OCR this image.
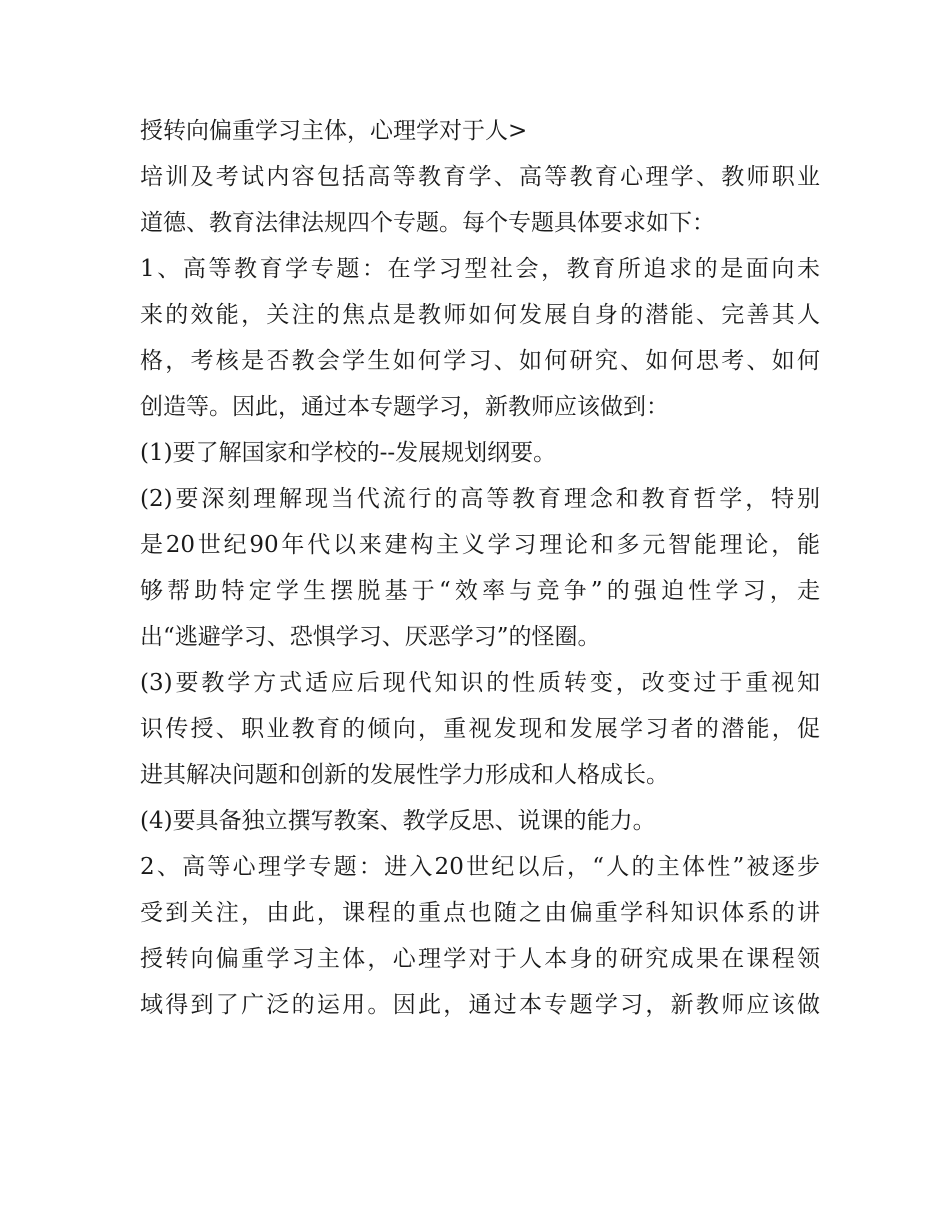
授转向偏重学习主体，心理学对于人>
培训及考试内容包括高等教育学、高等教育心理学、教师职业
道德、教育法律法规四个专题。每个专题具体要求如下：
1、高等教育学专题：在学习型社会，教育所追求的是面向未
来的效能，关注的焦点是教师如何发展自身的潜能、完善其人
格，考核是否教会学生如何学习、如何研究、如何思考、如何
创造等。因此，通过本专题学习，新教师应该做到：
(1)要了解国家和学校的--发展规划纲要。
(2)要深刻理解现当代流行的高等教育理念和教育哲学，特别
是20世纪90年代以来建构主义学习理论和多元智能理论，能
够帮助特定学生摆脱基于“效率与竞争”的强迫性学习，走
出“逃避学习、恐惧学习、厌恶学习”的怪圈。
(3)要教学方式适应后现代知识的性质转变，改变过于重视知
识传授、职业教育的倾向，重视发现和发展学习者的潜能，促
进其解决问题和创新的发展性学力形成和人格成长。
(4)要具备独立撰写教案、教学反思、说课的能力。
2、高等心理学专题：进入20世纪以后，“人的主体性”被逐步
受到关注，由此，课程的重点也随之由偏重学科知识体系的讲
授转向偏重学习主体，心理学对于人本身的研究成果在课程领
域得到了广泛的运用。因此，通过本专题学习，新教师应该做
